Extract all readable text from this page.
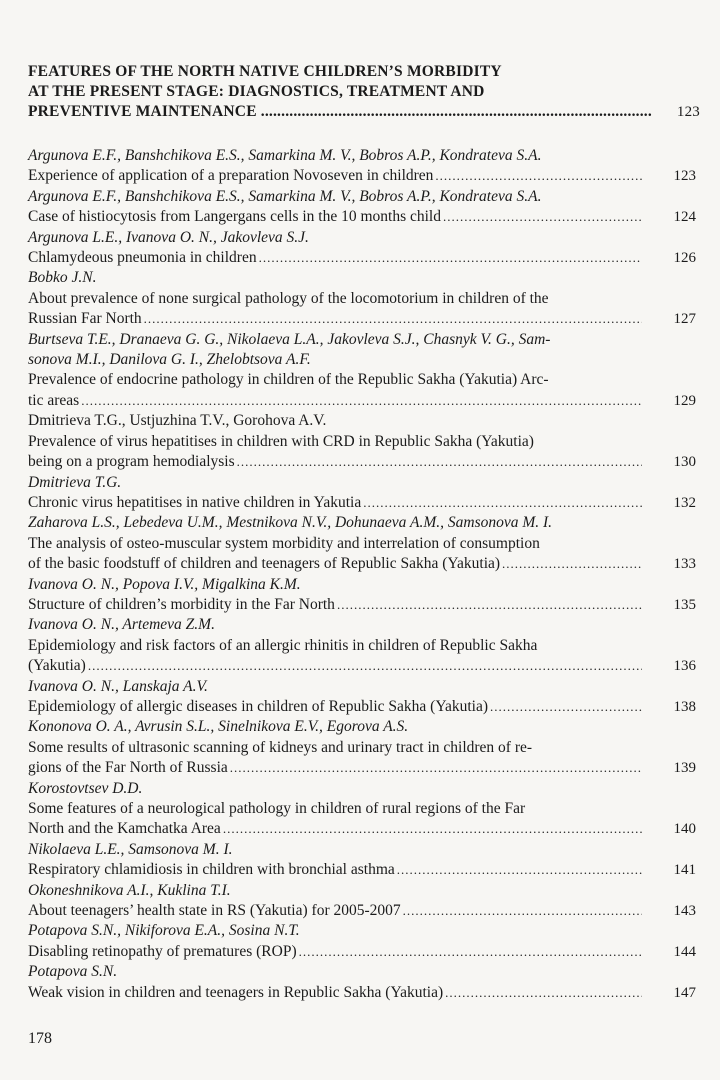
FEATURES OF THE NORTH NATIVE CHILDREN’S MORBIDITY
AT THE PRESENT STAGE: DIAGNOSTICS, TREATMENT AND
PREVENTIVE MAINTENANCE .....	123
Argunova E.F., Banshchikova E.S., Samarkina M. V., Bobros A.P., Kondrateva S.A.
Experience of application of a preparation Novoseven in children .....	123
Argunova E.F., Banshchikova E.S., Samarkina M. V., Bobros A.P., Kondrateva S.A.
Case of histiocytosis from Langergans cells in the 10 months child .....	124
Argunova L.E., Ivanova O. N., Jakovleva S.J.
Chlamydeous pneumonia in children .....	126
Bobko J.N.
About prevalence of none surgical pathology of the locomotorium in children of the
Russian Far North .....	127
Burtseva T.E., Dranaeva G. G., Nikolaeva L.A., Jakovleva S.J., Chasnyk V. G., Sam-
sonova M.I., Danilova G. I., Zhelobtsova A.F.
Prevalence of endocrine pathology in children of the Republic Sakha (Yakutia) Arc-
tic areas .....	129
Dmitrieva T.G., Ustjuzhina T.V., Gorohova A.V.
Prevalence of virus hepatitises in children with CRD in Republic Sakha (Yakutia)
being on a program hemodialysis .....	130
Dmitrieva T.G.
Chronic virus hepatitises in native children in Yakutia .....	132
Zaharova L.S., Lebedeva U.M., Mestnikova N.V., Dohunaeva A.M., Samsonova M. I.
The analysis of osteo-muscular system morbidity and interrelation of consumption
of the basic foodstuff of children and teenagers of Republic Sakha (Yakutia) .....	133
Ivanova O. N., Popova I.V., Migalkina K.M.
Structure of children’s morbidity in the Far North .....	135
Ivanova O. N., Artemeva Z.M.
Epidemiology and risk factors of an allergic rhinitis in children of Republic Sakha
(Yakutia) .....	136
Ivanova O. N., Lanskaja A.V.
Epidemiology of allergic diseases in children of Republic Sakha (Yakutia) .....	138
Kononova O. A., Avrusin S.L., Sinelnikova E.V., Egorova A.S.
Some results of ultrasonic scanning of kidneys and urinary tract in children of re-
gions of the Far North of Russia .....	139
Korostovtsev D.D.
Some features of a neurological pathology in children of rural regions of the Far
North and the Kamchatka Area .....	140
Nikolaeva L.E., Samsonova M. I.
Respiratory chlamidiosis in children with bronchial asthma .....	141
Okoneshnikova A.I., Kuklina T.I.
About teenagers’ health state in RS (Yakutia) for 2005-2007 .....	143
Potapova S.N., Nikiforova E.A., Sosina N.T.
Disabling retinopathy of prematures (ROP) .....	144
Potapova S.N.
Weak vision in children and teenagers in Republic Sakha (Yakutia) .....	147
178
